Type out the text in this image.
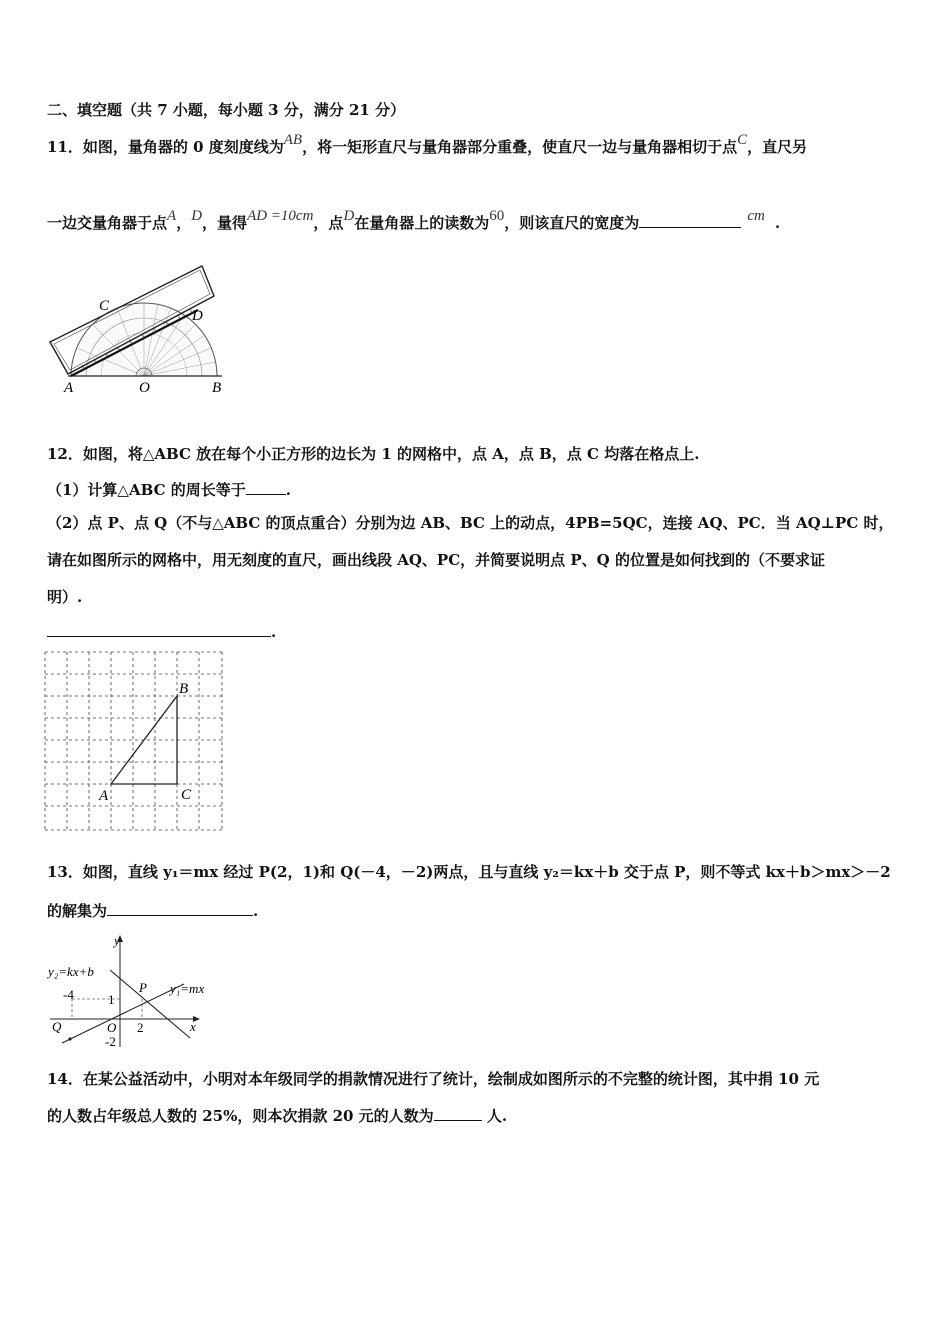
二、填空题（共 7 小题，每小题 3 分，满分 21 分）
11．如图，量角器的 0 度刻度线为AB，将一矩形直尺与量角器部分重叠，使直尺一边与量角器相切于点C，直尺另
一边交量角器于点A，D，量得AD =10cm，点D在量角器上的读数为60，则该直尺的宽度为	cm .
C
D
A	O	B
12．如图，将△ABC 放在每个小正方形的边长为 1 的网格中，点 A，点 B，点 C 均落在格点上.
（1）计算△ABC 的周长等于	.
（2）点 P、点 Q（不与△ABC 的顶点重合）分别为边 AB、BC 上的动点，4PB=5QC，连接 AQ、PC．当 AQ⊥PC 时，
请在如图所示的网格中，用无刻度的直尺，画出线段 AQ、PC，并简要说明点 P、Q 的位置是如何找到的（不要求证
明）.
.
A
B
C
13．如图，直线 y₁＝mx 经过 P(2，1)和 Q(－4，－2)两点，且与直线 y₂＝kx＋b 交于点 P，则不等式 kx＋b＞mx＞－2
的解集为	.
y
x
y₂=kx+b
y₁=mx
-4	1
P
Q	O 2
-2
14．在某公益活动中，小明对本年级同学的捐款情况进行了统计，绘制成如图所示的不完整的统计图，其中捐 10 元
的人数占年级总人数的 25%，则本次捐款 20 元的人数为	人.
